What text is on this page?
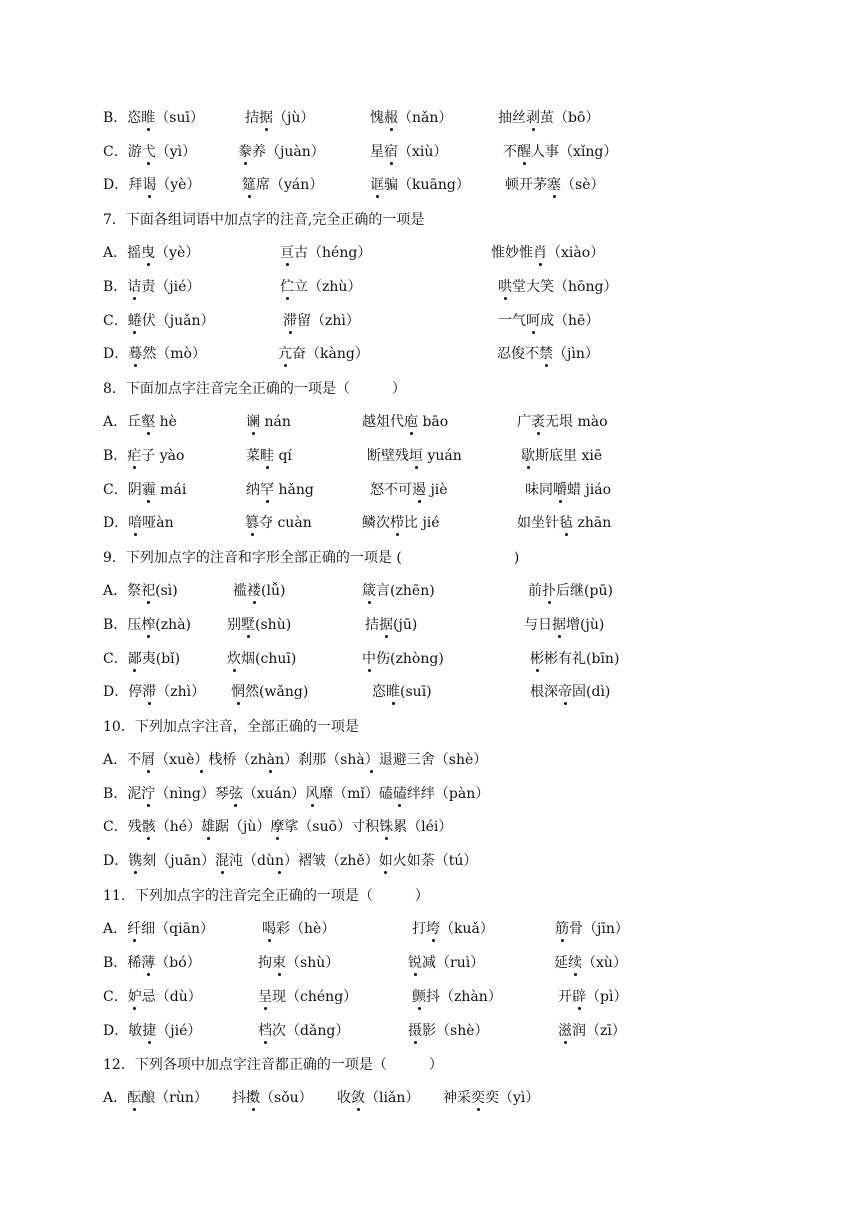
B．恣睢（suī）	拮据（jù）	愧赧（nǎn）	抽丝剥茧（bō）
C．游弋（yì）	豢养（juàn）	星宿（xiù）	不醒人事（xǐng）
D．拜谒（yè）	筵席（yán）	诓骗（kuāng）	顿开茅塞（sè）
7．下面各组词语中加点字的注音,完全正确的一项是
A．摇曳（yè）	亘古（héng）	惟妙惟肖（xiào）
B．诘责（jié）	伫立（zhù）	哄堂大笑（hōng）
C．蜷伏（juǎn）	滞留（zhì）	一气呵成（hē）
D．蓦然（mò）	亢奋（kàng）	忍俊不禁（jìn）
8．下面加点字注音完全正确的一项是（　　　）
A．丘壑 hè	谰 nán	越俎代庖 bāo	广袤无垠 mào
B．疟子 yào	菜畦 qí	断壁残垣 yuán	歇斯底里 xiē
C．阴霾 mái	纳罕 hǎng	怒不可遏 jiè	味同嚼蜡 jiáo
D．喑哑àn	篡夺 cuàn	鳞次栉比 jié	如坐针毡 zhān
9．下列加点字的注音和字形全部正确的一项是 (　　　　　　　　)
A．祭祀(sì)	褴褛(lǚ)	箴言(zhēn)	前扑后继(pū)
B．压榨(zhà)	别墅(shù)	拮据(jū)	与日据增(jù)
C．鄙夷(bǐ)	炊烟(chuī)	中伤(zhòng)	彬彬有礼(bīn)
D．停滞（zhì） 惘然(wǎng)	恣睢(suī)	根深帝固(dì)
10．下列加点字注音，全部正确的一项是
A．不屑（xuè）栈桥（zhàn）刹那（shà）退避三舍（shè）
B．泥泞（nìng）琴弦（xuán）风靡（mǐ）磕磕绊绊（pàn）
C．残骸（hé）雄踞（jù）摩挲（suō）寸积铢累（léi）
D．镌刻（juān）混沌（dùn）褶皱（zhě）如火如荼（tú）
11．下列加点字的注音完全正确的一项是（　　　）
A．纤细（qiān）	喝彩（hè）	打垮（kuǎ）	筋骨（jīn）
B．稀薄（bó）	拘束（shù）	锐减（ruì）	延续（xù）
C．妒忌（dù）	呈现（chéng）	颤抖（zhàn）	开辟（pì）
D．敏捷（jié）	档次（dǎng）	摄影（shè）	滋润（zī）
12．下列各项中加点字注音都正确的一项是（　　　）
A．酝酿（rùn） 抖擞（sǒu） 收敛（liǎn） 神采奕奕（yì）
